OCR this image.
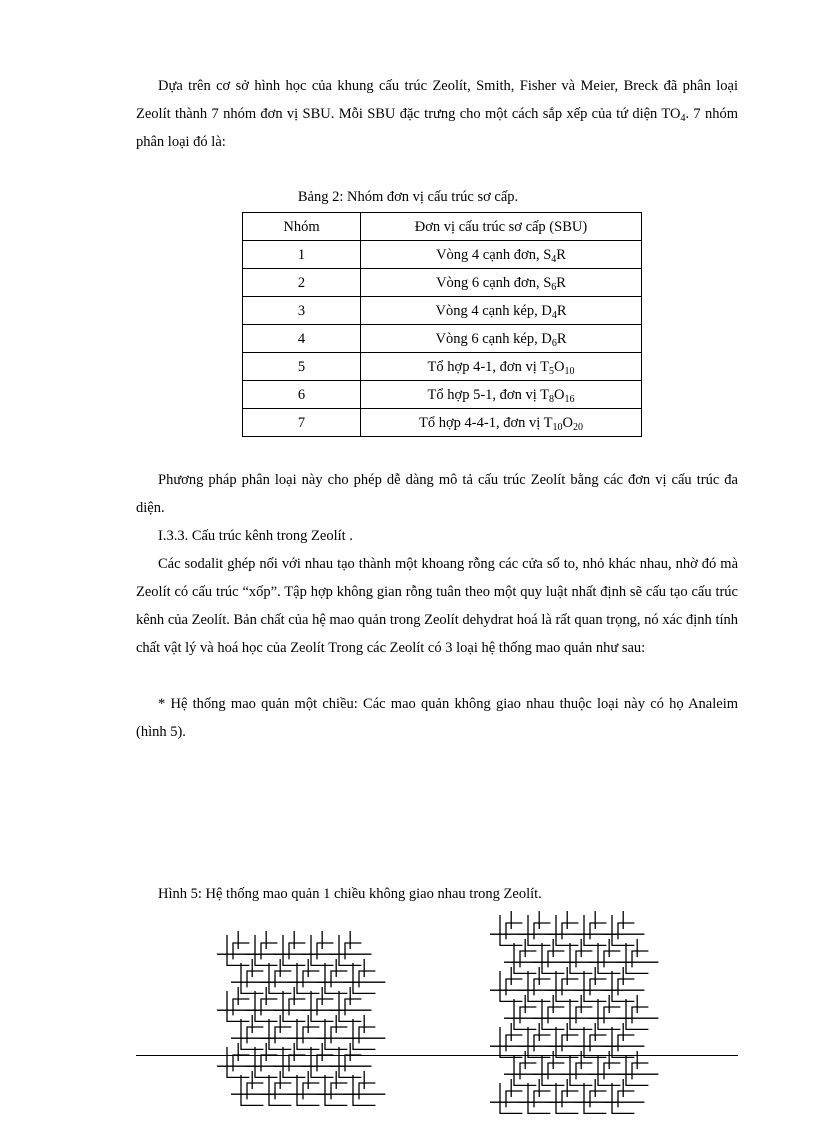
Dựa trên cơ sở hình học của khung cấu trúc Zeolít, Smith, Fisher và Meier, Breck đã phân loại Zeolít thành 7 nhóm đơn vị SBU. Mỗi SBU đặc trưng cho một cách sắp xếp của tứ diện $TO_4$. 7 nhóm phân loại đó là:

Bảng 2: Nhóm đơn vị cấu trúc sơ cấp.
Nhóm	Đơn vị cấu trúc sơ cấp (SBU)
1	Vòng 4 cạnh đơn, $S_4R$
2	Vòng 6 cạnh đơn, $S_6R$
3	Vòng 4 cạnh kép, $D_4R$
4	Vòng 6 cạnh kép, $D_6R$
5	Tổ hợp 4-1, đơn vị $T_5O_{10}$
6	Tổ hợp 5-1, đơn vị $T_8O_{16}$
7	Tổ hợp 4-4-1, đơn vị $T_{10}O_{20}$

Phương pháp phân loại này cho phép dễ dàng mô tả cấu trúc Zeolít bằng các đơn vị cấu trúc đa diện.

I.3.3. Cấu trúc kênh trong Zeolít .

Các sodalit ghép nối với nhau tạo thành một khoang rỗng các cửa sổ to, nhỏ khác nhau, nhờ đó mà Zeolít có cấu trúc “xốp”. Tập hợp không gian rỗng tuân theo một quy luật nhất định sẽ cấu tạo cấu trúc kênh của Zeolít. Bản chất của hệ mao quản trong Zeolít dehydrat hoá là rất quan trọng, nó xác định tính chất vật lý và hoá học của Zeolít Trong các Zeolít có 3 loại hệ thống mao quản như sau:

* Hệ thống mao quản một chiều: Các mao quản không giao nhau thuộc loại này có họ Analeim (hình 5).

Hình 5: Hệ thống mao quản 1 chiều không giao nhau trong Zeolít.
